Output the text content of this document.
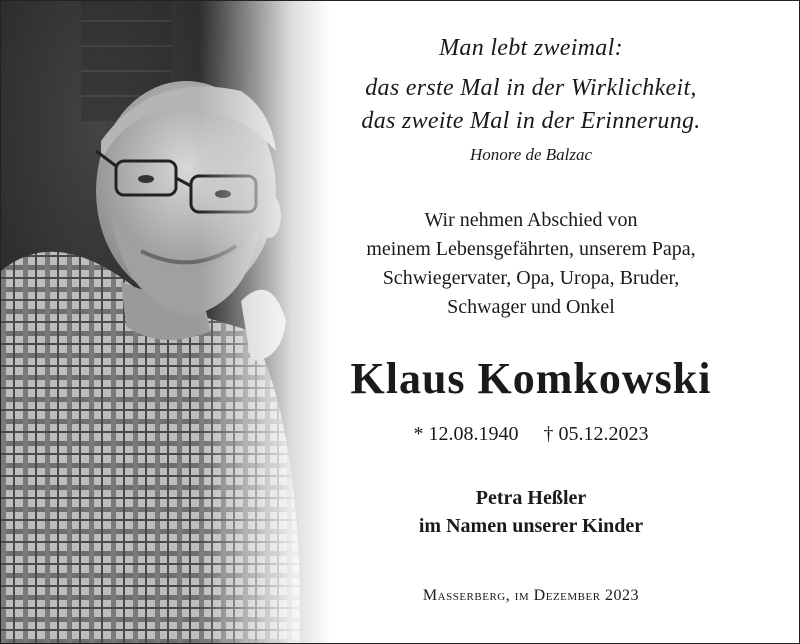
Man lebt zweimal:
das erste Mal in der Wirklichkeit,
das zweite Mal in der Erinnerung.
Honore de Balzac
Wir nehmen Abschied von
meinem Lebensgefährten, unserem Papa,
Schwiegervater, Opa, Uropa, Bruder,
Schwager und Onkel
Klaus Komkowski
* 12.08.1940 † 05.12.2023
Petra Heßler
im Namen unserer Kinder
Masserberg, im Dezember 2023
